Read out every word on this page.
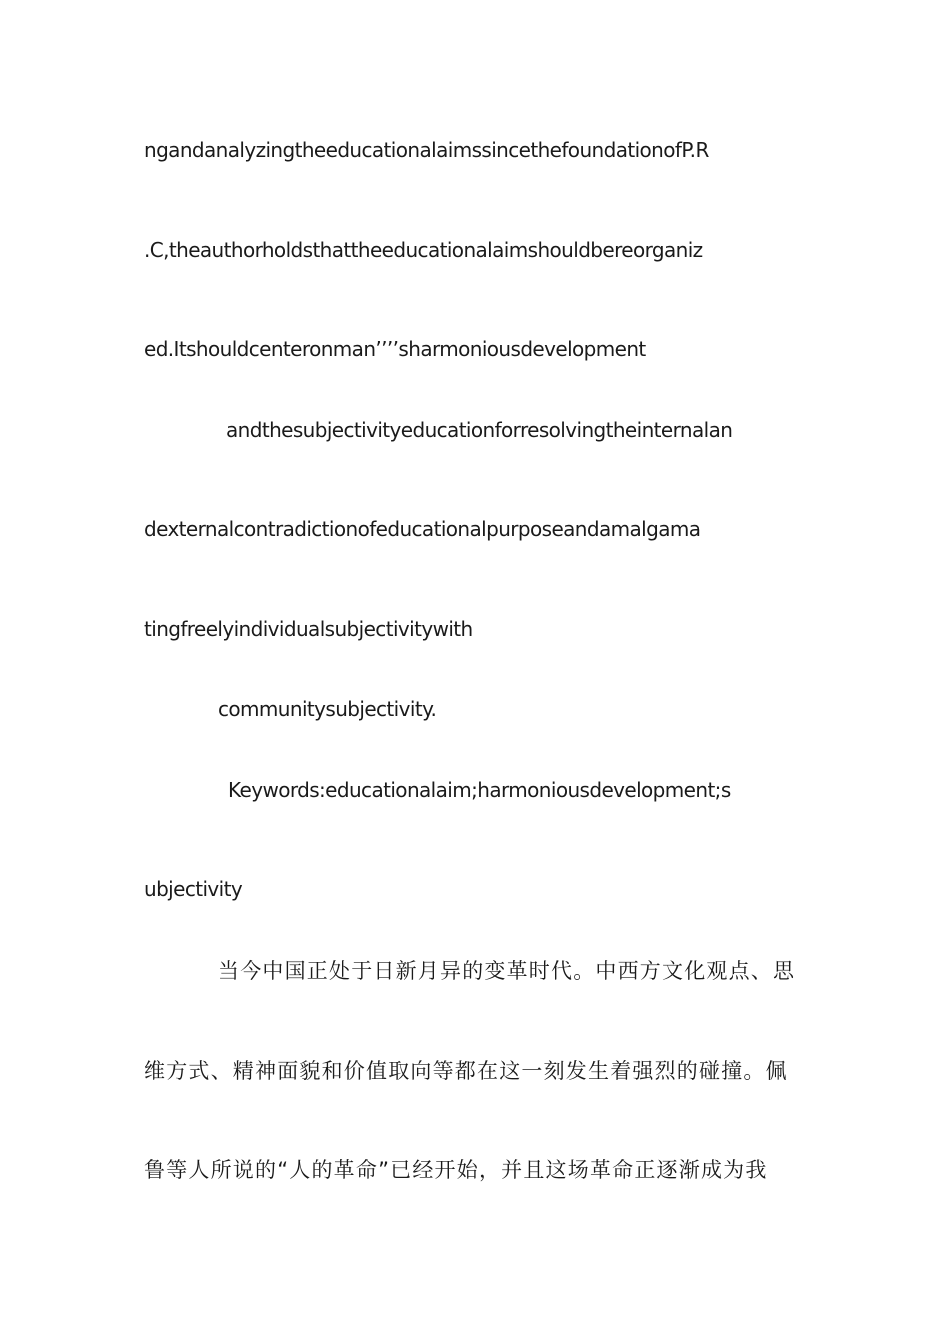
ngandanalyzingtheeducationalaimssincethefoundationofP.R
.C,theauthorholdsthattheeducationalaimshouldbereorganiz
ed.Itshouldcenteronman’’’’sharmoniousdevelopment
andthesubjectivityeducationforresolvingtheinternalan
dexternalcontradictionofeducationalpurposeandamalgama
tingfreelyindividualsubjectivitywith
communitysubjectivity.
Keywords:educationalaim;harmoniousdevelopment;s
ubjectivity
当今中国正处于日新月异的变革时代。中西方文化观点、思
维方式、精神面貌和价值取向等都在这一刻发生着强烈的碰撞。佩
鲁等人所说的“人的革命”已经开始，并且这场革命正逐渐成为我
